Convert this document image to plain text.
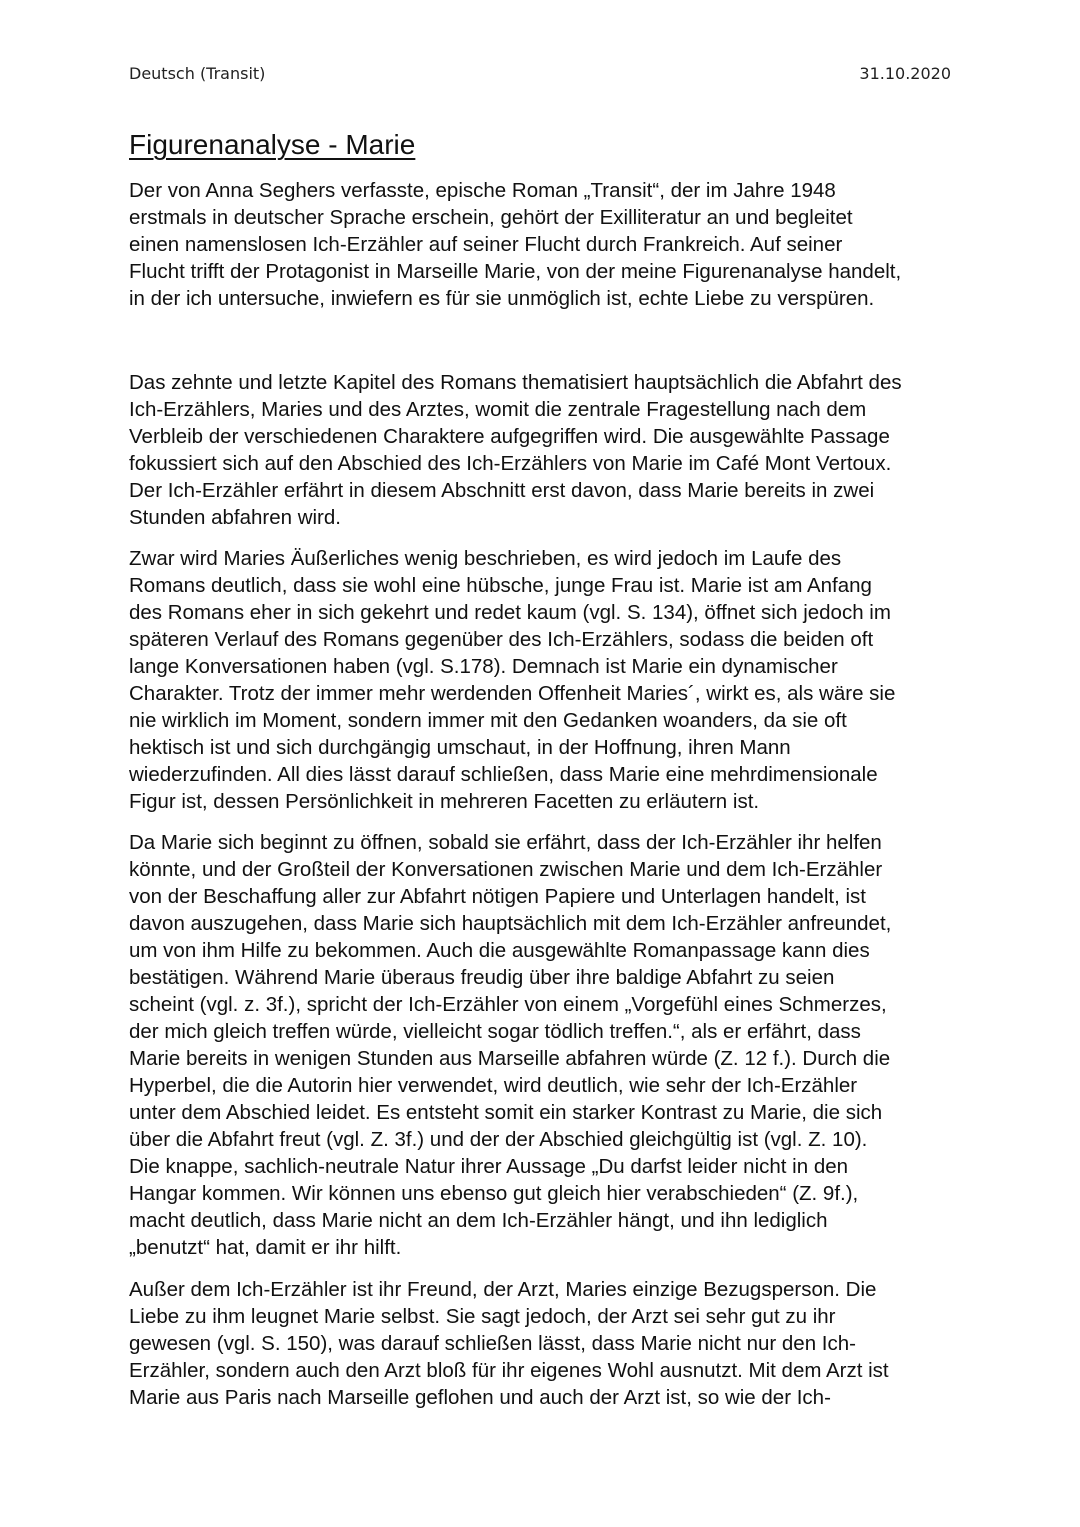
Deutsch (Transit)	31.10.2020
Figurenanalyse - Marie
Der von Anna Seghers verfasste, epische Roman „Transit“, der im Jahre 1948
erstmals in deutscher Sprache erschein, gehört der Exilliteratur an und begleitet
einen namenslosen Ich-Erzähler auf seiner Flucht durch Frankreich. Auf seiner
Flucht trifft der Protagonist in Marseille Marie, von der meine Figurenanalyse handelt,
in der ich untersuche, inwiefern es für sie unmöglich ist, echte Liebe zu verspüren.
Das zehnte und letzte Kapitel des Romans thematisiert hauptsächlich die Abfahrt des
Ich-Erzählers, Maries und des Arztes, womit die zentrale Fragestellung nach dem
Verbleib der verschiedenen Charaktere aufgegriffen wird. Die ausgewählte Passage
fokussiert sich auf den Abschied des Ich-Erzählers von Marie im Café Mont Vertoux.
Der Ich-Erzähler erfährt in diesem Abschnitt erst davon, dass Marie bereits in zwei
Stunden abfahren wird.
Zwar wird Maries Äußerliches wenig beschrieben, es wird jedoch im Laufe des
Romans deutlich, dass sie wohl eine hübsche, junge Frau ist. Marie ist am Anfang
des Romans eher in sich gekehrt und redet kaum (vgl. S. 134), öffnet sich jedoch im
späteren Verlauf des Romans gegenüber des Ich-Erzählers, sodass die beiden oft
lange Konversationen haben (vgl. S.178). Demnach ist Marie ein dynamischer
Charakter. Trotz der immer mehr werdenden Offenheit Maries´, wirkt es, als wäre sie
nie wirklich im Moment, sondern immer mit den Gedanken woanders, da sie oft
hektisch ist und sich durchgängig umschaut, in der Hoffnung, ihren Mann
wiederzufinden. All dies lässt darauf schließen, dass Marie eine mehrdimensionale
Figur ist, dessen Persönlichkeit in mehreren Facetten zu erläutern ist.
Da Marie sich beginnt zu öffnen, sobald sie erfährt, dass der Ich-Erzähler ihr helfen
könnte, und der Großteil der Konversationen zwischen Marie und dem Ich-Erzähler
von der Beschaffung aller zur Abfahrt nötigen Papiere und Unterlagen handelt, ist
davon auszugehen, dass Marie sich hauptsächlich mit dem Ich-Erzähler anfreundet,
um von ihm Hilfe zu bekommen. Auch die ausgewählte Romanpassage kann dies
bestätigen. Während Marie überaus freudig über ihre baldige Abfahrt zu seien
scheint (vgl. z. 3f.), spricht der Ich-Erzähler von einem „Vorgefühl eines Schmerzes,
der mich gleich treffen würde, vielleicht sogar tödlich treffen.“, als er erfährt, dass
Marie bereits in wenigen Stunden aus Marseille abfahren würde (Z. 12 f.). Durch die
Hyperbel, die die Autorin hier verwendet, wird deutlich, wie sehr der Ich-Erzähler
unter dem Abschied leidet. Es entsteht somit ein starker Kontrast zu Marie, die sich
über die Abfahrt freut (vgl. Z. 3f.) und der der Abschied gleichgültig ist (vgl. Z. 10).
Die knappe, sachlich-neutrale Natur ihrer Aussage „Du darfst leider nicht in den
Hangar kommen. Wir können uns ebenso gut gleich hier verabschieden“ (Z. 9f.),
macht deutlich, dass Marie nicht an dem Ich-Erzähler hängt, und ihn lediglich
„benutzt“ hat, damit er ihr hilft.
Außer dem Ich-Erzähler ist ihr Freund, der Arzt, Maries einzige Bezugsperson. Die
Liebe zu ihm leugnet Marie selbst. Sie sagt jedoch, der Arzt sei sehr gut zu ihr
gewesen (vgl. S. 150), was darauf schließen lässt, dass Marie nicht nur den Ich-
Erzähler, sondern auch den Arzt bloß für ihr eigenes Wohl ausnutzt. Mit dem Arzt ist
Marie aus Paris nach Marseille geflohen und auch der Arzt ist, so wie der Ich-
